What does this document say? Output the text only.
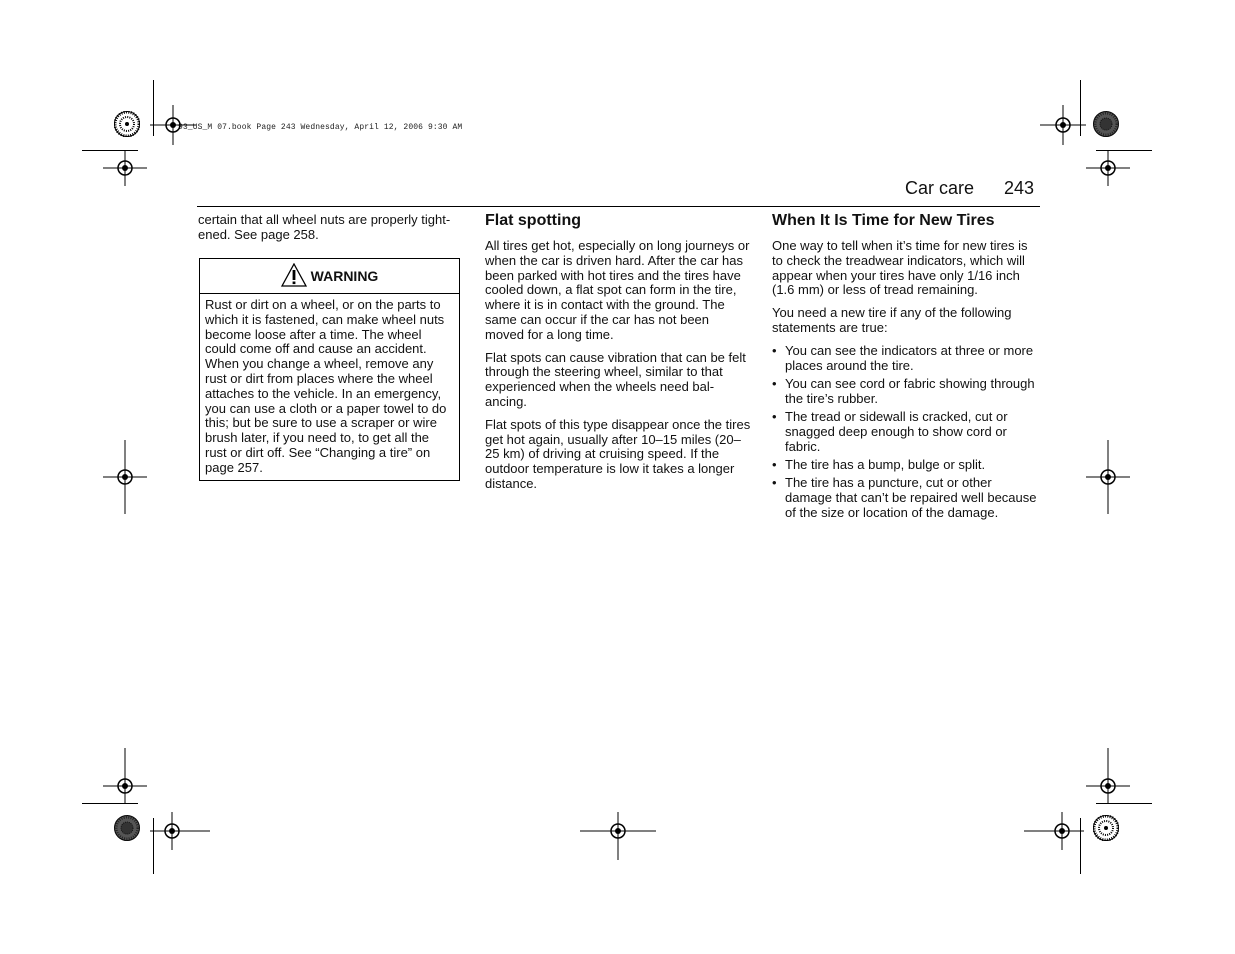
93_US_M 07.book Page 243 Wednesday, April 12, 2006 9:30 AM
Car care 243

certain that all wheel nuts are properly tight-ened. See page 258.

WARNING

Rust or dirt on a wheel, or on the parts to which it is fastened, can make wheel nuts become loose after a time. The wheel could come off and cause an accident. When you change a wheel, remove any rust or dirt from places where the wheel attaches to the vehicle. In an emergency, you can use a cloth or a paper towel to do this; but be sure to use a scraper or wire brush later, if you need to, to get all the rust or dirt off. See “Changing a tire” on page 257.

Flat spotting

All tires get hot, especially on long journeys or when the car is driven hard. After the car has been parked with hot tires and the tires have cooled down, a flat spot can form in the tire, where it is in contact with the ground. The same can occur if the car has not been moved for a long time.

Flat spots can cause vibration that can be felt through the steering wheel, similar to that experienced when the wheels need bal-ancing.

Flat spots of this type disappear once the tires get hot again, usually after 10–15 miles (20–25 km) of driving at cruising speed. If the outdoor temperature is low it takes a longer distance.

When It Is Time for New Tires

One way to tell when it’s time for new tires is to check the treadwear indicators, which will appear when your tires have only 1/16 inch (1.6 mm) or less of tread remaining.

You need a new tire if any of the following statements are true:

• You can see the indicators at three or more places around the tire.
• You can see cord or fabric showing through the tire’s rubber.
• The tread or sidewall is cracked, cut or snagged deep enough to show cord or fabric.
• The tire has a bump, bulge or split.
• The tire has a puncture, cut or other damage that can’t be repaired well because of the size or location of the damage.
